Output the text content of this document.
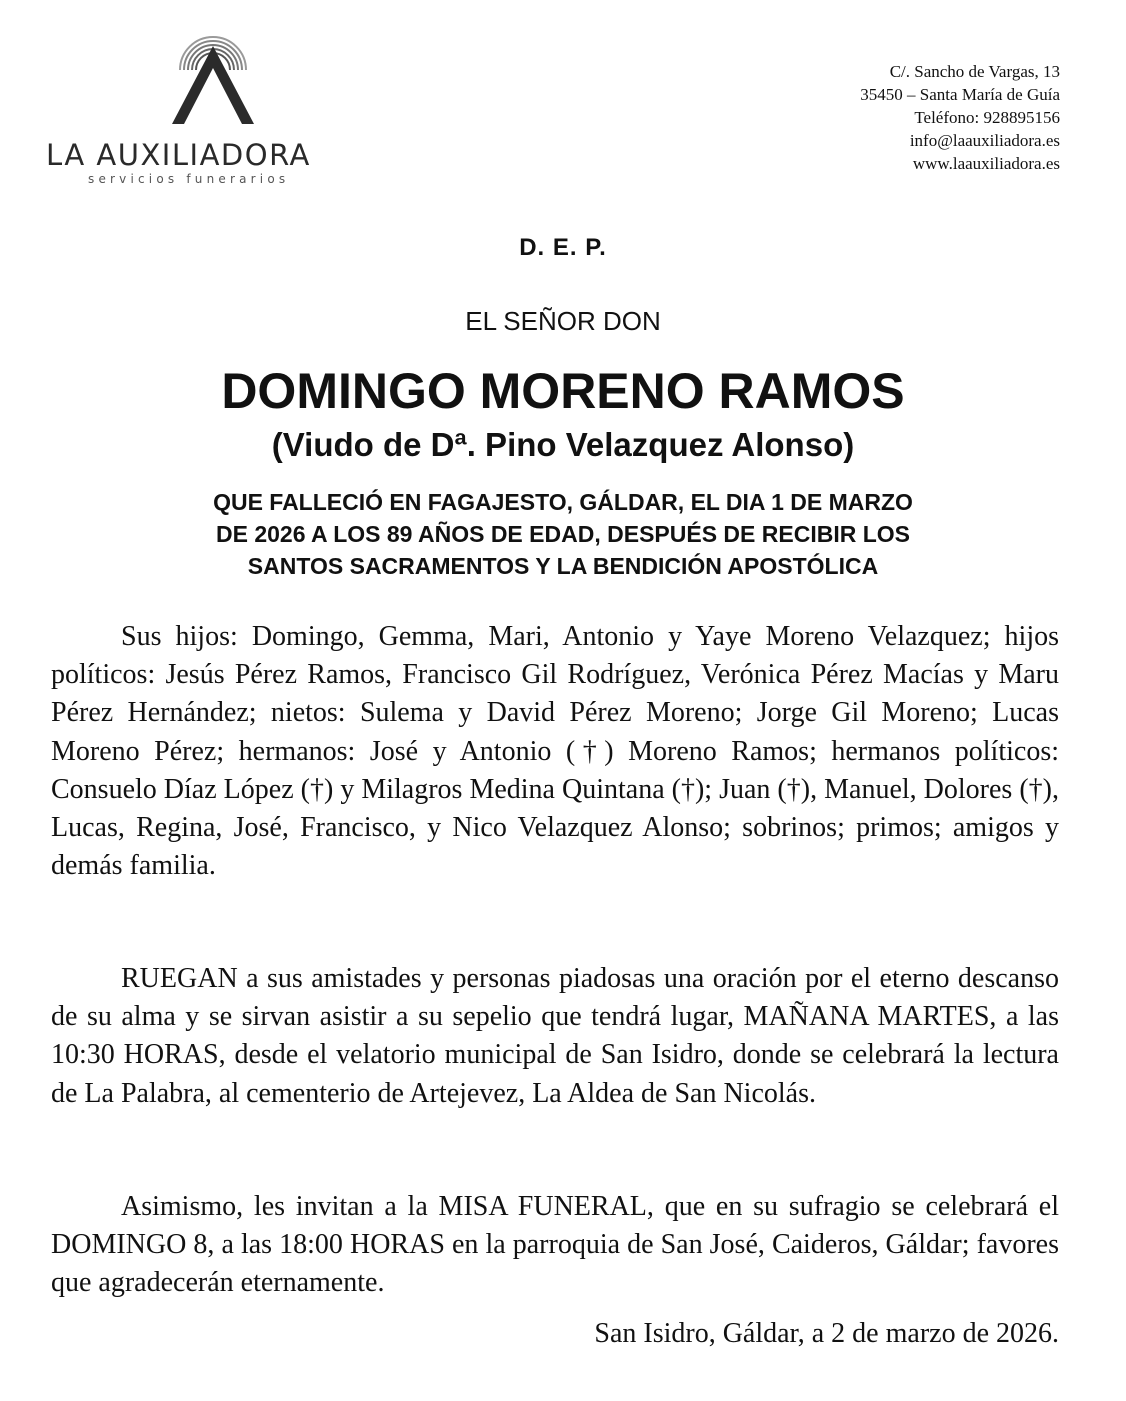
LA AUXILIADORA
servicios funerarios
C/. Sancho de Vargas, 13
35450 – Santa María de Guía
Teléfono: 928895156
info@laauxiliadora.es
www.laauxiliadora.es
D. E. P.
EL SEÑOR DON
DOMINGO MORENO RAMOS
(Viudo de Dª. Pino Velazquez Alonso)
QUE FALLECIÓ EN FAGAJESTO, GÁLDAR, EL DIA 1 DE MARZO
DE 2026 A LOS 89 AÑOS DE EDAD, DESPUÉS DE RECIBIR LOS
SANTOS SACRAMENTOS Y LA BENDICIÓN APOSTÓLICA

Sus hijos: Domingo, Gemma, Mari, Antonio y Yaye Moreno Velazquez; hijos políticos: Jesús Pérez Ramos, Francisco Gil Rodríguez, Verónica Pérez Macías y Maru Pérez Hernández; nietos: Sulema y David Pérez Moreno; Jorge Gil Moreno; Lucas Moreno Pérez; hermanos: José y Antonio (†) Moreno Ramos; hermanos políticos: Consuelo Díaz López (†) y Milagros Medina Quintana (†); Juan (†), Manuel, Dolores (†), Lucas, Regina, José, Francisco, y Nico Velazquez Alonso; sobrinos; primos; amigos y demás familia.

RUEGAN a sus amistades y personas piadosas una oración por el eterno descanso de su alma y se sirvan asistir a su sepelio que tendrá lugar, MAÑANA MARTES, a las 10:30 HORAS, desde el velatorio municipal de San Isidro, donde se celebrará la lectura de La Palabra, al cementerio de Artejevez, La Aldea de San Nicolás.

Asimismo, les invitan a la MISA FUNERAL, que en su sufragio se celebrará el DOMINGO 8, a las 18:00 HORAS en la parroquia de San José, Caideros, Gáldar; favores que agradecerán eternamente.

San Isidro, Gáldar, a 2 de marzo de 2026.
